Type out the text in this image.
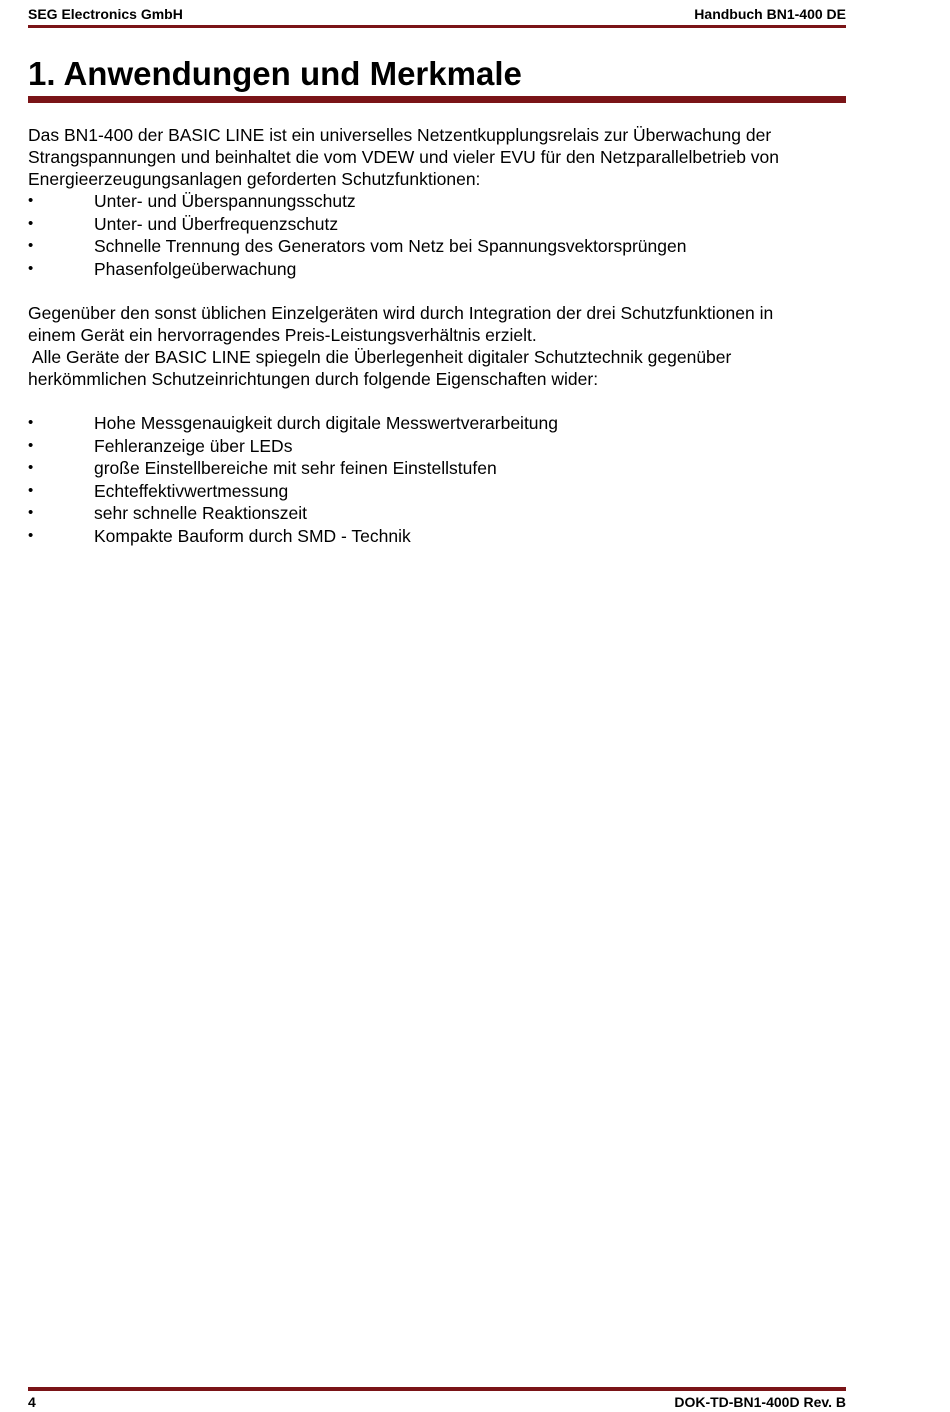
SEG Electronics GmbH	Handbuch BN1-400 DE
1. Anwendungen und Merkmale

Das BN1-400 der BASIC LINE ist ein universelles Netzentkupplungsrelais zur Überwachung der
Strangspannungen und beinhaltet die vom VDEW und vieler EVU für den Netzparallelbetrieb von
Energieerzeugungsanlagen geforderten Schutzfunktionen:

•	Unter- und Überspannungsschutz
•	Unter- und Überfrequenzschutz
•	Schnelle Trennung des Generators vom Netz bei Spannungsvektorsprüngen
•	Phasenfolgeüberwachung

Gegenüber den sonst üblichen Einzelgeräten wird durch Integration der drei Schutzfunktionen in
einem Gerät ein hervorragendes Preis-Leistungsverhältnis erzielt.
Alle Geräte der BASIC LINE spiegeln die Überlegenheit digitaler Schutztechnik gegenüber
herkömmlichen Schutzeinrichtungen durch folgende Eigenschaften wider:

•	Hohe Messgenauigkeit durch digitale Messwertverarbeitung
•	Fehleranzeige über LEDs
•	große Einstellbereiche mit sehr feinen Einstellstufen
•	Echteffektivwertmessung
•	sehr schnelle Reaktionszeit
•	Kompakte Bauform durch SMD - Technik
4	DOK-TD-BN1-400D Rev. B
